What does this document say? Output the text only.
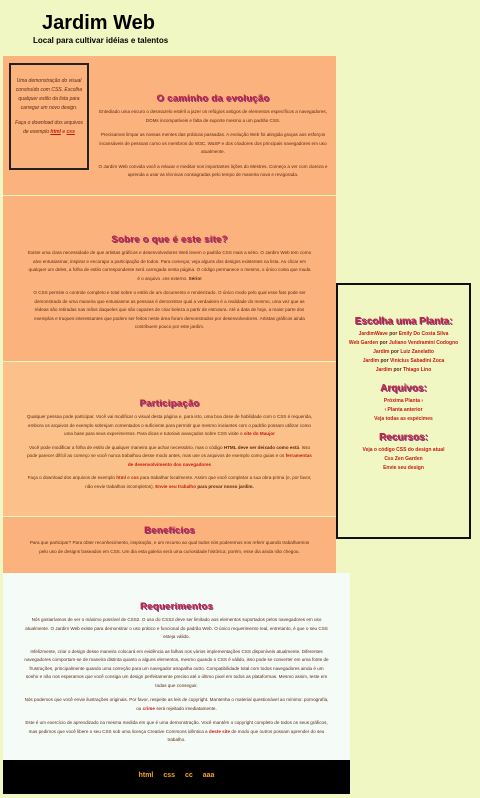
Jardim Web
Local para cultivar idéias e talentos
O caminho da evolução

Entediado uma escuro o desmazelo estéril a jazer os refúgios antigos de elementos específicos a navegadores, DOMs incompatíveis e falta de suporte mesmo a um padrão CSS.

Precisamos limpar as nossas mentes das práticas passadas. A evolução Web foi atingida graças aos esforços incansáveis de pessoas como os membros do W3C, WaSP e dos criadores dos principais navegadores em uso atualmente.

O Jardim Web convida você a relaxar e meditar nos importantes lições do Mestres. Começo a ver com clareza e aprenda a usar as técnicas consagradas pelo tempo de maneira nova e revigorada.

Uma demonstração do visual construído com CSS. Escolha qualquer estilo da lista para carregar um novo design.

Faça o download dos arquivos de exemplo html e css

Sobre o que é este site?

Existe uma clara necessidade de que artistas gráficos e desenvolvedores Web levem o padrão CSS mais a sério. O Jardim Web tem como alvo entusiasmar, inspirar e encorajar a participação de todos. Para começar, veja alguns dos designs existentes na lista. Ao clicar em qualquer um deles, a folha de estilo correspondente será carregada nesta página. O código permanece o mesmo, o único coisa que muda é o arquivo .css externo. Sério!

O CSS permite o controle completo e total sobre o estilo de um documento e renderizado. O único modo pelo qual esse fato pode ser demonstrado de uma maneira que entusiasme as pessoas é demonstrar qual a verdadeiro é a realidade do mesmo, uma vez que as rédeas são retiradas nas mãos daqueles que são capazes de criar beleza a partir de estrutura. Até a data de hoje, a maior parte dos exemplos e truques interessantes que podem ser feitos neste área foram demonstrados por desenvolvedores. Artistas gráficos ainda contribuem pouco por este jardim.

Participação

Qualquer pessoa pode participar. Você vai modificar o visual desta página e, para isto, uma boa dose de habilidade com o CSS é requerida, embora os arquivos de exemplo sobrejam comentados o suficiente para permitir que mesmo iniciantes com o padrão possam utilizar como uma base para seus experimentos. Para dicas e tutoriais avançados sobre CSS visite o site do Maujor

Você pode modificar a folha de estilo de qualquer maneira que achar necessário, mas o código HTML deve ser deixado como está. Isso pode parecer difícil ao começo se você nunca trabalhou desse modo antes, mas use os arquivos de exemplo como guias e os ferramentas de desenvolvimento dos navegadores

Faça o download dos arquivos de exemplo html e css para trabalhar localmente. Assim que você completar a sua obra-prima (e, por favor, não envie trabalhos incompletos), Envie seu trabalho para provar nosso jardim.

Benefícios

Para que participar? Para obter reconhecimento, inspiração, e um recurso ao qual todos nós poderemos nos referir quando trabalharmos pelo uso de designs baseados em CSS. Um dia esta galeria será uma curiosidade histórica; porém, esse dia ainda não chegou.

Requerimentos

Nós gostaríamos de ver o máximo possível de CSS2. O uso do CSS3 deve ser limitado aos elementos suportados pelos navegadores em uso atualmente. O Jardim Web existe para demonstrar o uso prático e funcional do padrão Web. O único requerimento real, entretanto, é que o seu CSS esteja válido.

Infelizmente, criar o design desse maneira colocará em evidência as falhas nos vários implementações CSS disponíveis atualmente. Diferentes navegadores comportam-se de maneira distinta quanto a alguns elementos, mesmo quando o CSS é válido, isso pode se converter em uma fonte de frustrações, principalmente quando uma correção para um navegador atrapalha outro. Compatibilidade total com todos navegadores ainda é um sonho e não nos esperamos que você consiga um design perfeitamente preciso até o último pixel em todos as plataformas. Mesmo assim, teste em todas que conseguir.

Nós podemos que você envie ilustrações originais. Por favor, respeite as leis de copyright. Mantenha o material questionável ao mínimo: pornografia, ou crime será rejeitado imediatamente.

Este é um exercício de aprendizado na mesma medida em que é uma demonstração. Você mantém o copyright completo de todos os seus gráficos, mas pedimos que você libere o seu CSS sob uma licença Creative Commons idêntica a deste site de modo que outros possam aprender do seu trabalho.

html css cc aaa
Escolha uma Planta:
JardimWave por Emily Do Costa Silva
Web Garden por Juliano Vendramini Codogno
Jardim por Luiz Zanelatto
Jardim por Vinícius Sabadini Zoca
Jardim por Thiago Lino
Arquivos:
Próxima Planta ›
‹ Planta anterior
Veja todas as espécimes
Recursos:
Veja o código CSS do design atual
Css Zen Garden
Envie seu design
